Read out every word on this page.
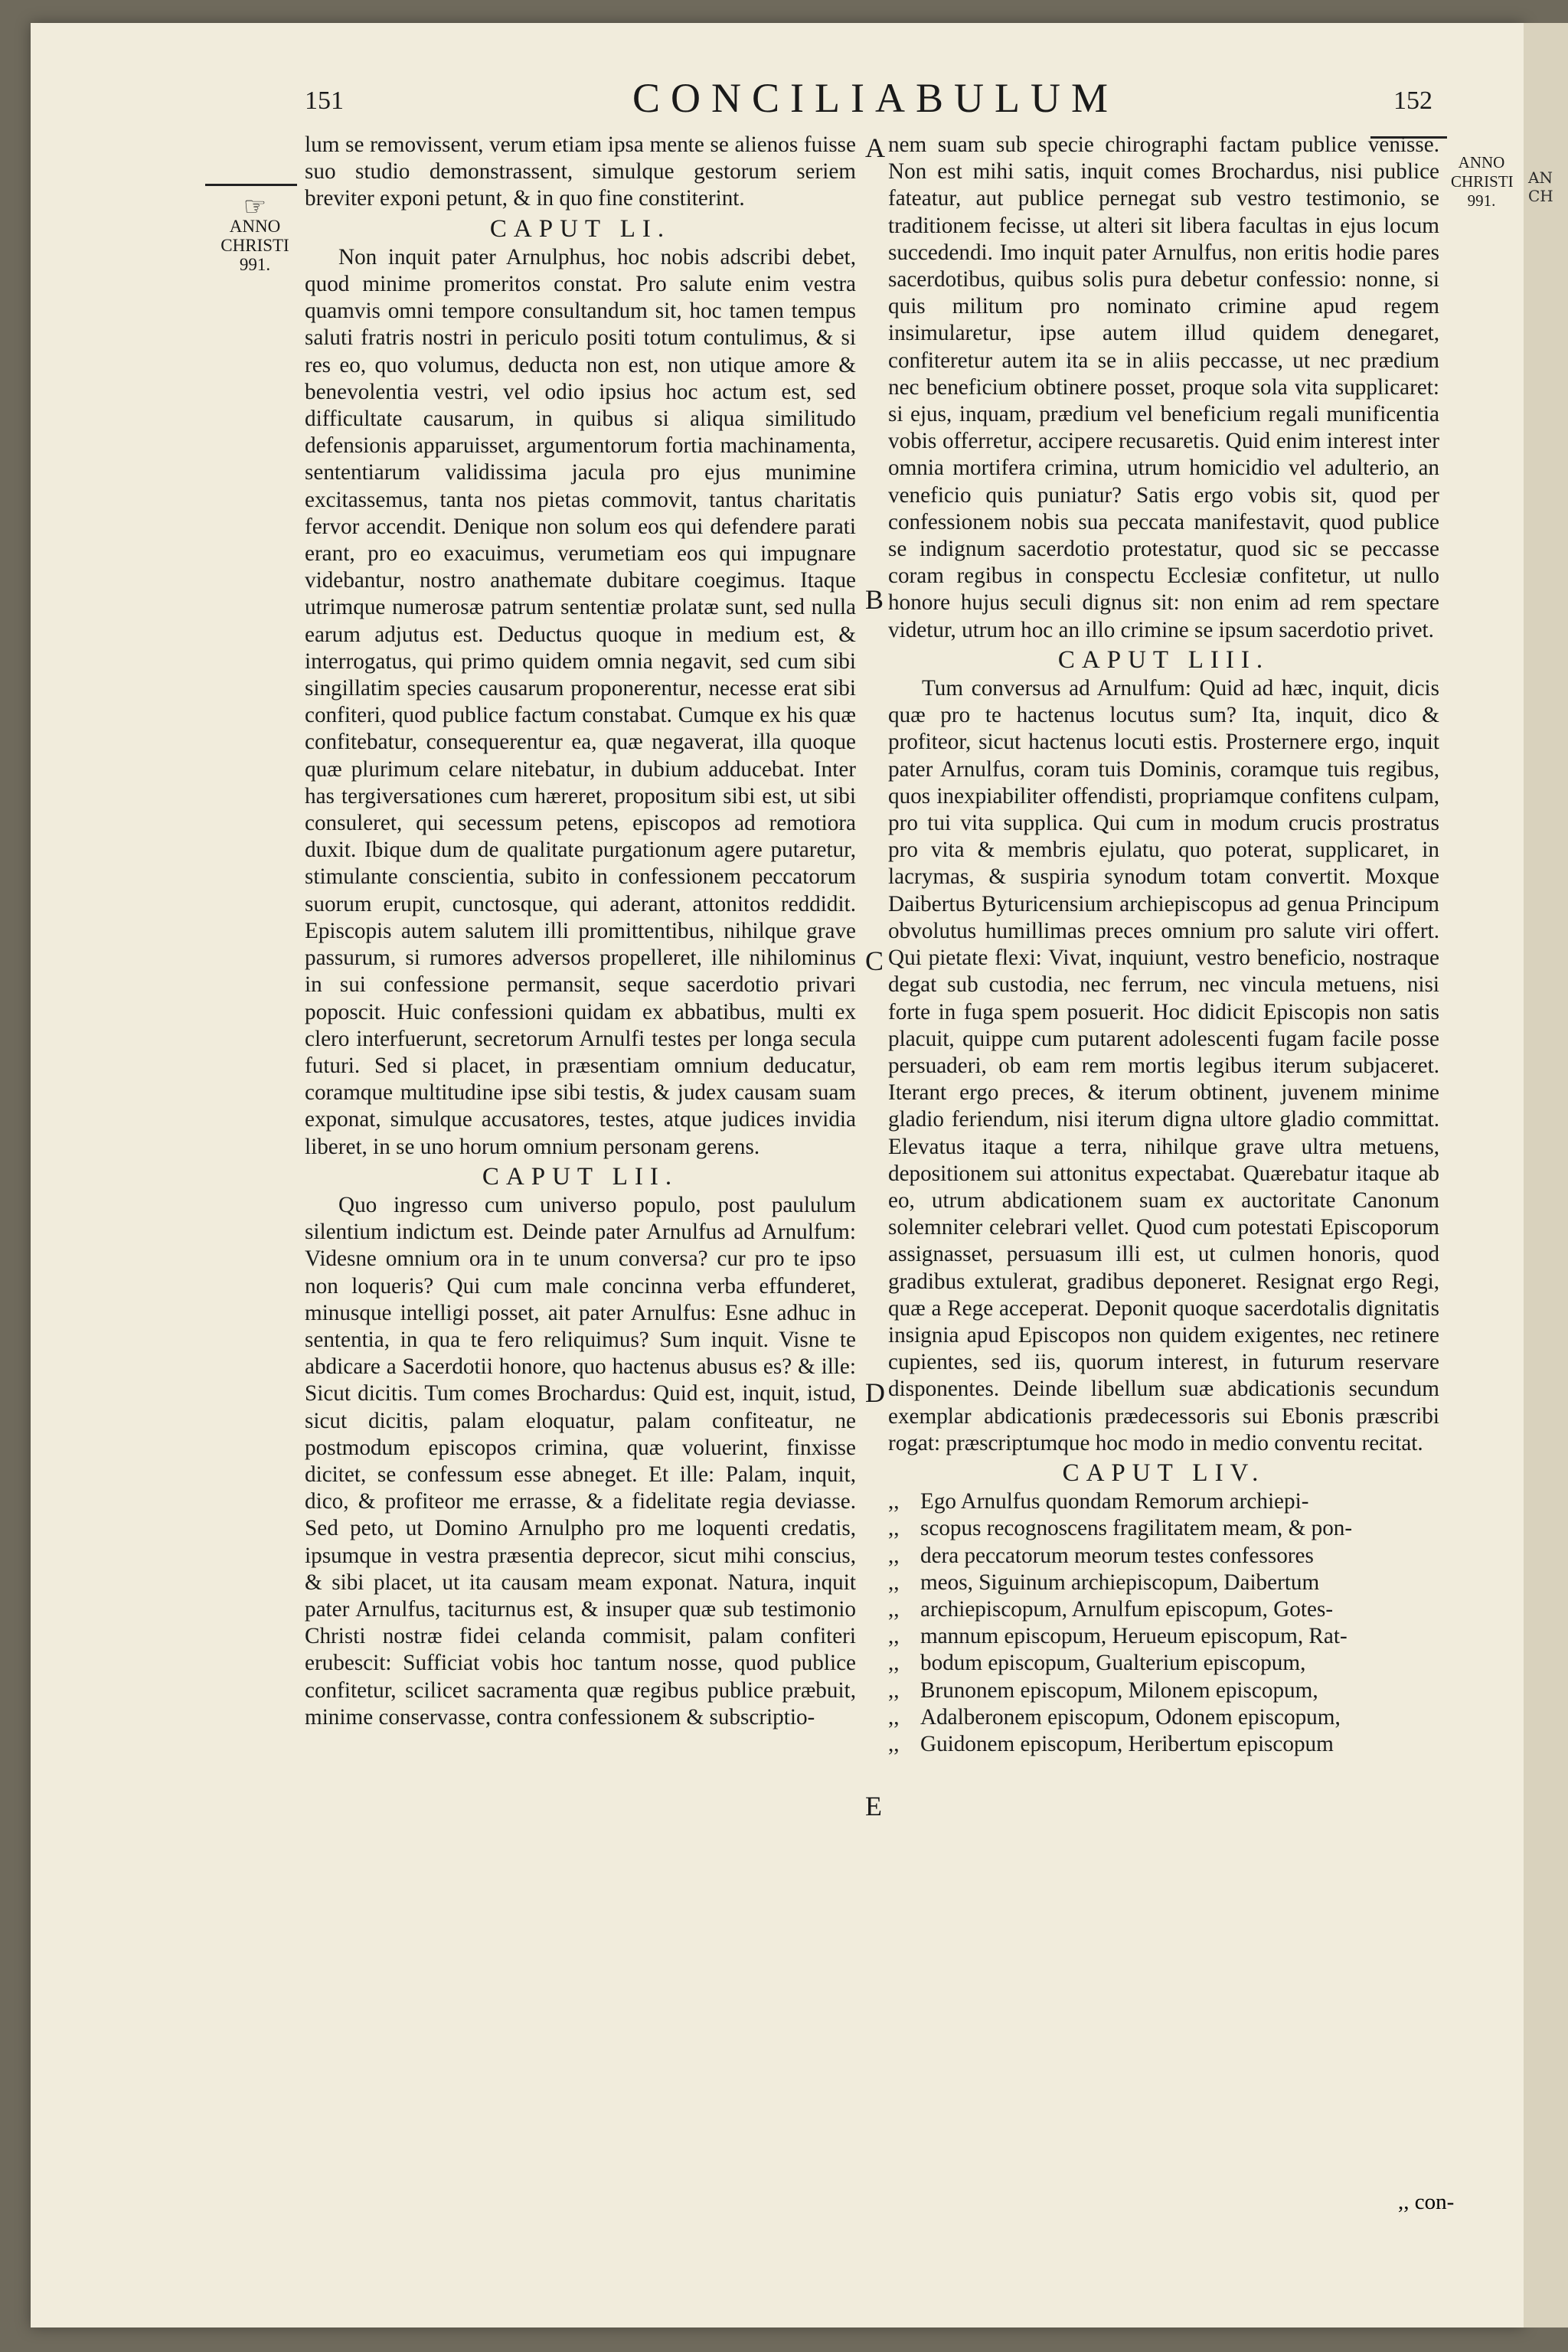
AN
CH
151	CONCILIABULUM	152
☞
ANNO
CHRISTI
991.
ANNO
CHRISTI
991.
A
B
C
D
E

lum se removissent, verum etiam ipsa mente se alienos fuisse suo studio demonstrassent, simulque gestorum seriem breviter exponi petunt, & in quo fine constiterint.

CAPUT LI.

Non inquit pater Arnulphus, hoc nobis adscribi debet, quod minime promeritos constat. Pro salute enim vestra quamvis omni tempore consultandum sit, hoc tamen tempus saluti fratris nostri in periculo positi totum contulimus, & si res eo, quo volumus, deducta non est, non utique amore & benevolentia vestri, vel odio ipsius hoc actum est, sed difficultate causarum, in quibus si aliqua similitudo defensionis apparuisset, argumentorum fortia machinamenta, sententiarum validissima jacula pro ejus munimine excitassemus, tanta nos pietas commovit, tantus charitatis fervor accendit. Denique non solum eos qui defendere parati erant, pro eo exacuimus, verumetiam eos qui impugnare videbantur, nostro anathemate dubitare coegimus. Itaque utrimque numerosæ patrum sententiæ prolatæ sunt, sed nulla earum adjutus est. Deductus quoque in medium est, & interrogatus, qui primo quidem omnia negavit, sed cum sibi singillatim species causarum proponerentur, necesse erat sibi confiteri, quod publice factum constabat. Cumque ex his quæ confitebatur, consequerentur ea, quæ negaverat, illa quoque quæ plurimum celare nitebatur, in dubium adducebat. Inter has tergiversationes cum hæreret, propositum sibi est, ut sibi consuleret, qui secessum petens, episcopos ad remotiora duxit. Ibique dum de qualitate purgationum agere putaretur, stimulante conscientia, subito in confessionem peccatorum suorum erupit, cunctosque, qui aderant, attonitos reddidit. Episcopis autem salutem illi promittentibus, nihilque grave passurum, si rumores adversos propelleret, ille nihilominus in sui confessione permansit, seque sacerdotio privari poposcit. Huic confessioni quidam ex abbatibus, multi ex clero interfuerunt, secretorum Arnulfi testes per longa secula futuri. Sed si placet, in præsentiam omnium deducatur, coramque multitudine ipse sibi testis, & judex causam suam exponat, simulque accusatores, testes, atque judices invidia liberet, in se uno horum omnium personam gerens.

CAPUT LII.

Quo ingresso cum universo populo, post paululum silentium indictum est. Deinde pater Arnulfus ad Arnulfum: Videsne omnium ora in te unum conversa? cur pro te ipso non loqueris? Qui cum male concinna verba effunderet, minusque intelligi posset, ait pater Arnulfus: Esne adhuc in sententia, in qua te fero reliquimus? Sum inquit. Visne te abdicare a Sacerdotii honore, quo hactenus abusus es? & ille: Sicut dicitis. Tum comes Brochardus: Quid est, inquit, istud, sicut dicitis, palam eloquatur, palam confiteatur, ne postmodum episcopos crimina, quæ voluerint, finxisse dicitet, se confessum esse abneget. Et ille: Palam, inquit, dico, & profiteor me errasse, & a fidelitate regia deviasse. Sed peto, ut Domino Arnulpho pro me loquenti credatis, ipsumque in vestra præsentia deprecor, sicut mihi conscius, & sibi placet, ut ita causam meam exponat. Natura, inquit pater Arnulfus, taciturnus est, & insuper quæ sub testimonio Christi nostræ fidei celanda commisit, palam confiteri erubescit: Sufficiat vobis hoc tantum nosse, quod publice confitetur, scilicet sacramenta quæ regibus publice præbuit, minime conservasse, contra confessionem & subscriptio-

nem suam sub specie chirographi factam publice venisse. Non est mihi satis, inquit comes Brochardus, nisi publice fateatur, aut publice pernegat sub vestro testimonio, se traditionem fecisse, ut alteri sit libera facultas in ejus locum succedendi. Imo inquit pater Arnulfus, non eritis hodie pares sacerdotibus, quibus solis pura debetur confessio: nonne, si quis militum pro nominato crimine apud regem insimularetur, ipse autem illud quidem denegaret, confiteretur autem ita se in aliis peccasse, ut nec prædium nec beneficium obtinere posset, proque sola vita supplicaret: si ejus, inquam, prædium vel beneficium regali munificentia vobis offerretur, accipere recusaretis. Quid enim interest inter omnia mortifera crimina, utrum homicidio vel adulterio, an veneficio quis puniatur? Satis ergo vobis sit, quod per confessionem nobis sua peccata manifestavit, quod publice se indignum sacerdotio protestatur, quod sic se peccasse coram regibus in conspectu Ecclesiæ confitetur, ut nullo honore hujus seculi dignus sit: non enim ad rem spectare videtur, utrum hoc an illo crimine se ipsum sacerdotio privet.

CAPUT LIII.

Tum conversus ad Arnulfum: Quid ad hæc, inquit, dicis quæ pro te hactenus locutus sum? Ita, inquit, dico & profiteor, sicut hactenus locuti estis. Prosternere ergo, inquit pater Arnulfus, coram tuis Dominis, coramque tuis regibus, quos inexpiabiliter offendisti, propriamque confitens culpam, pro tui vita supplica. Qui cum in modum crucis prostratus pro vita & membris ejulatu, quo poterat, supplicaret, in lacrymas, & suspiria synodum totam convertit. Moxque Daibertus Byturicensium archiepiscopus ad genua Principum obvolutus humillimas preces omnium pro salute viri offert. Qui pietate flexi: Vivat, inquiunt, vestro beneficio, nostraque degat sub custodia, nec ferrum, nec vincula metuens, nisi forte in fuga spem posuerit. Hoc didicit Episcopis non satis placuit, quippe cum putarent adolescenti fugam facile posse persuaderi, ob eam rem mortis legibus iterum subjaceret. Iterant ergo preces, & iterum obtinent, juvenem minime gladio feriendum, nisi iterum digna ultore gladio committat. Elevatus itaque a terra, nihilque grave ultra metuens, depositionem sui attonitus expectabat. Quærebatur itaque ab eo, utrum abdicationem suam ex auctoritate Canonum solemniter celebrari vellet. Quod cum potestati Episcoporum assignasset, persuasum illi est, ut culmen honoris, quod gradibus extulerat, gradibus deponeret. Resignat ergo Regi, quæ a Rege acceperat. Deponit quoque sacerdotalis dignitatis insignia apud Episcopos non quidem exigentes, nec retinere cupientes, sed iis, quorum interest, in futurum reservare disponentes. Deinde libellum suæ abdicationis secundum exemplar abdicationis prædecessoris sui Ebonis præscribi rogat: præscriptumque hoc modo in medio conventu recitat.

CAPUT LIV.

,, Ego Arnulfus quondam Remorum archiepi-

,, scopus recognoscens fragilitatem meam, & pon-

,, dera peccatorum meorum testes confessores

,, meos, Siguinum archiepiscopum, Daibertum

,, archiepiscopum, Arnulfum episcopum, Gotes-

,, mannum episcopum, Herueum episcopum, Rat-

,, bodum episcopum, Gualterium episcopum,

,, Brunonem episcopum, Milonem episcopum,

,, Adalberonem episcopum, Odonem episcopum,

,, Guidonem episcopum, Heribertum episcopum

,, con-
